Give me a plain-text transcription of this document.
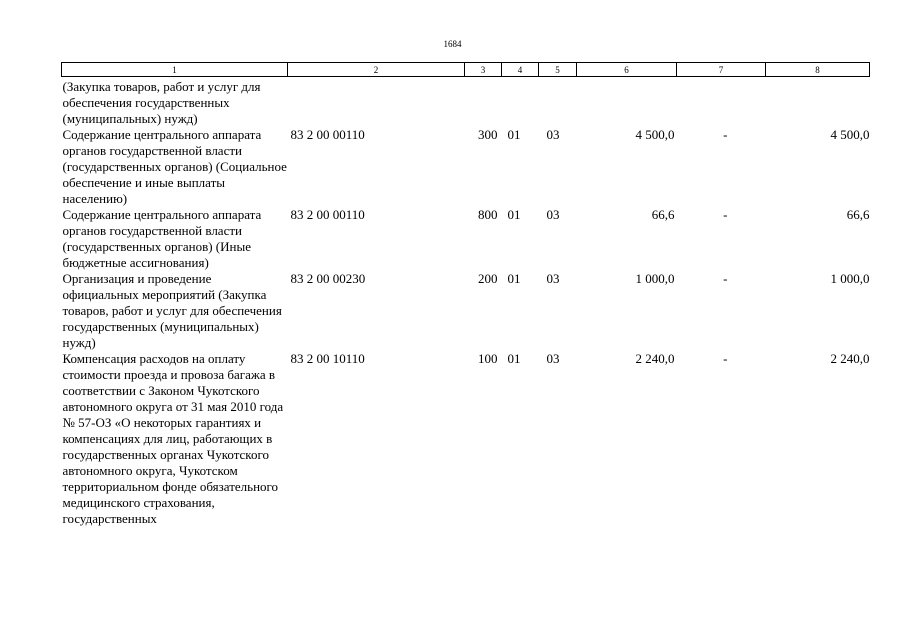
1684
1	2	3	4	5	6	7	8
(Закупка товаров, работ и услуг для обеспечения государственных (муниципальных) нужд)							
Содержание центрального аппарата органов государственной власти (государственных органов) (Социальное обеспечение и иные выплаты населению)	83 2 00 00110	300	01	03	4 500,0	-	4 500,0
Содержание центрального аппарата органов государственной власти (государственных органов) (Иные бюджетные ассигнования)	83 2 00 00110	800	01	03	66,6	-	66,6
Организация и проведение официальных мероприятий (Закупка товаров, работ и услуг для обеспечения государственных (муниципальных) нужд)	83 2 00 00230	200	01	03	1 000,0	-	1 000,0
Компенсация расходов на оплату стоимости проезда и провоза багажа в соответствии с Законом Чукотского автономного округа от 31 мая 2010 года № 57-ОЗ «О некоторых гарантиях и компенсациях для лиц, работающих в государственных органах Чукотского автономного округа, Чукотском территориальном фонде обязательного медицинского страхования, государственных	83 2 00 10110	100	01	03	2 240,0	-	2 240,0
